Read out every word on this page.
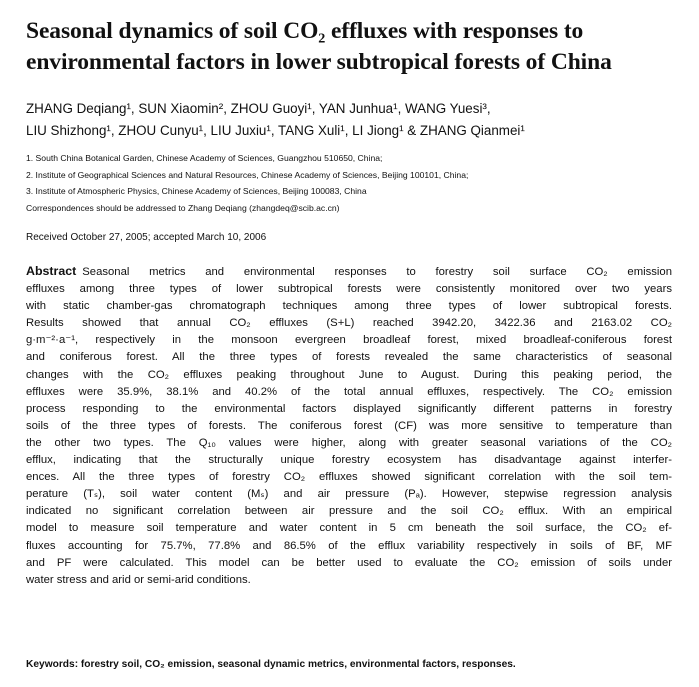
Seasonal dynamics of soil CO₂ effluxes with responses to
environmental factors in lower subtropical forests of China
ZHANG Deqiang¹, SUN Xiaomin², ZHOU Guoyi¹, YAN Junhua¹, WANG Yuesi³,
LIU Shizhong¹, ZHOU Cunyu¹, LIU Juxiu¹, TANG Xuli¹, LI Jiong¹ & ZHANG Qianmei¹
1. South China Botanical Garden, Chinese Academy of Sciences, Guangzhou 510650, China;
2. Institute of Geographical Sciences and Natural Resources, Chinese Academy of Sciences, Beijing 100101, China;
3. Institute of Atmospheric Physics, Chinese Academy of Sciences, Beijing 100083, China
Correspondences should be addressed to Zhang Deqiang (zhangdeq@scib.ac.cn)
Received October 27, 2005; accepted March 10, 2006
Abstract Seasonal metrics and environmental responses to forestry soil surface CO₂ emission
effluxes among three types of lower subtropical forests were consistently monitored over two years
with static chamber-gas chromatograph techniques among three types of lower subtropical forests.
Results showed that annual CO₂ effluxes (S+L) reached 3942.20, 3422.36 and 2163.02 CO₂
g·m⁻²·a⁻¹, respectively in the monsoon evergreen broadleaf forest, mixed broadleaf-coniferous forest
and coniferous forest. All the three types of forests revealed the same characteristics of seasonal
changes with the CO₂ effluxes peaking throughout June to August. During this peaking period, the
effluxes were 35.9%, 38.1% and 40.2% of the total annual effluxes, respectively. The CO₂ emission
process responding to the environmental factors displayed significantly different patterns in forestry
soils of the three types of forests. The coniferous forest (CF) was more sensitive to temperature than
the other two types. The Q₁₀ values were higher, along with greater seasonal variations of the CO₂
efflux, indicating that the structurally unique forestry ecosystem has disadvantage against interfer-
ences. All the three types of forestry CO₂ effluxes showed significant correlation with the soil tem-
perature (Tₛ), soil water content (Mₛ) and air pressure (Pₐ). However, stepwise regression analysis
indicated no significant correlation between air pressure and the soil CO₂ efflux. With an empirical
model to measure soil temperature and water content in 5 cm beneath the soil surface, the CO₂ ef-
fluxes accounting for 75.7%, 77.8% and 86.5% of the efflux variability respectively in soils of BF, MF
and PF were calculated. This model can be better used to evaluate the CO₂ emission of soils under
water stress and arid or semi-arid conditions.
Keywords: forestry soil, CO₂ emission, seasonal dynamic metrics, environmental factors, responses.
